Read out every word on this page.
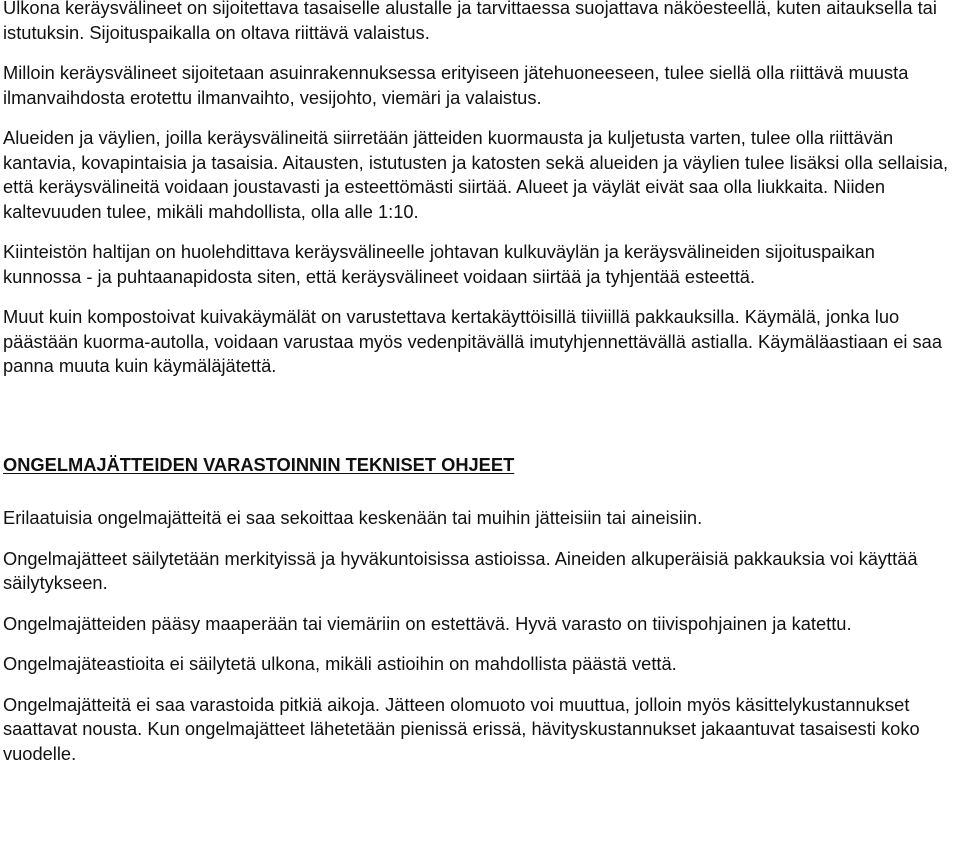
Ulkona keräysvälineet on sijoitettava tasaiselle alustalle ja tarvittaessa suojattava näköesteellä, kuten aitauksella tai istutuksin. Sijoituspaikalla on oltava riittävä valaistus.

Milloin keräysvälineet sijoitetaan asuinrakennuksessa erityiseen jätehuoneeseen, tulee siellä olla riittävä muusta ilmanvaihdosta erotettu ilmanvaihto, vesijohto, viemäri ja valaistus.

Alueiden ja väylien, joilla keräysvälineitä siirretään jätteiden kuormausta ja kuljetusta varten, tulee olla riittävän kantavia, kovapintaisia ja tasaisia. Aitausten, istutusten ja katosten sekä alueiden ja väylien tulee lisäksi olla sellaisia, että keräysvälineitä voidaan joustavasti ja esteettömästi siirtää. Alueet ja väylät eivät saa olla liukkaita. Niiden kaltevuuden tulee, mikäli mahdollista, olla alle 1:10.

Kiinteistön haltijan on huolehdittava keräysvälineelle johtavan kulkuväylän ja keräysvälineiden sijoituspaikan kunnossa - ja puhtaanapidosta siten, että keräysvälineet voidaan siirtää ja tyhjentää esteettä.

Muut kuin kompostoivat kuivakäymälät on varustettava kertakäyttöisillä tiiviillä pakkauksilla. Käymälä, jonka luo päästään kuorma-autolla, voidaan varustaa myös vedenpitävällä imutyhjennettävällä astialla. Käymäläastiaan ei saa panna muuta kuin käymäläjätettä.

ONGELMAJÄTTEIDEN VARASTOINNIN TEKNISET OHJEET

Erilaatuisia ongelmajätteitä ei saa sekoittaa keskenään tai muihin jätteisiin tai aineisiin.

Ongelmajätteet säilytetään merkityissä ja hyväkuntoisissa astioissa. Aineiden alkuperäisiä pakkauksia voi käyttää säilytykseen.

Ongelmajätteiden pääsy maaperään tai viemäriin on estettävä. Hyvä varasto on tiivispohjainen ja katettu.

Ongelmajäteastioita ei säilytetä ulkona, mikäli astioihin on mahdollista päästä vettä.

Ongelmajätteitä ei saa varastoida pitkiä aikoja. Jätteen olomuoto voi muuttua, jolloin myös käsittelykustannukset saattavat nousta. Kun ongelmajätteet lähetetään pienissä erissä, hävityskustannukset jakaantuvat tasaisesti koko vuodelle.
